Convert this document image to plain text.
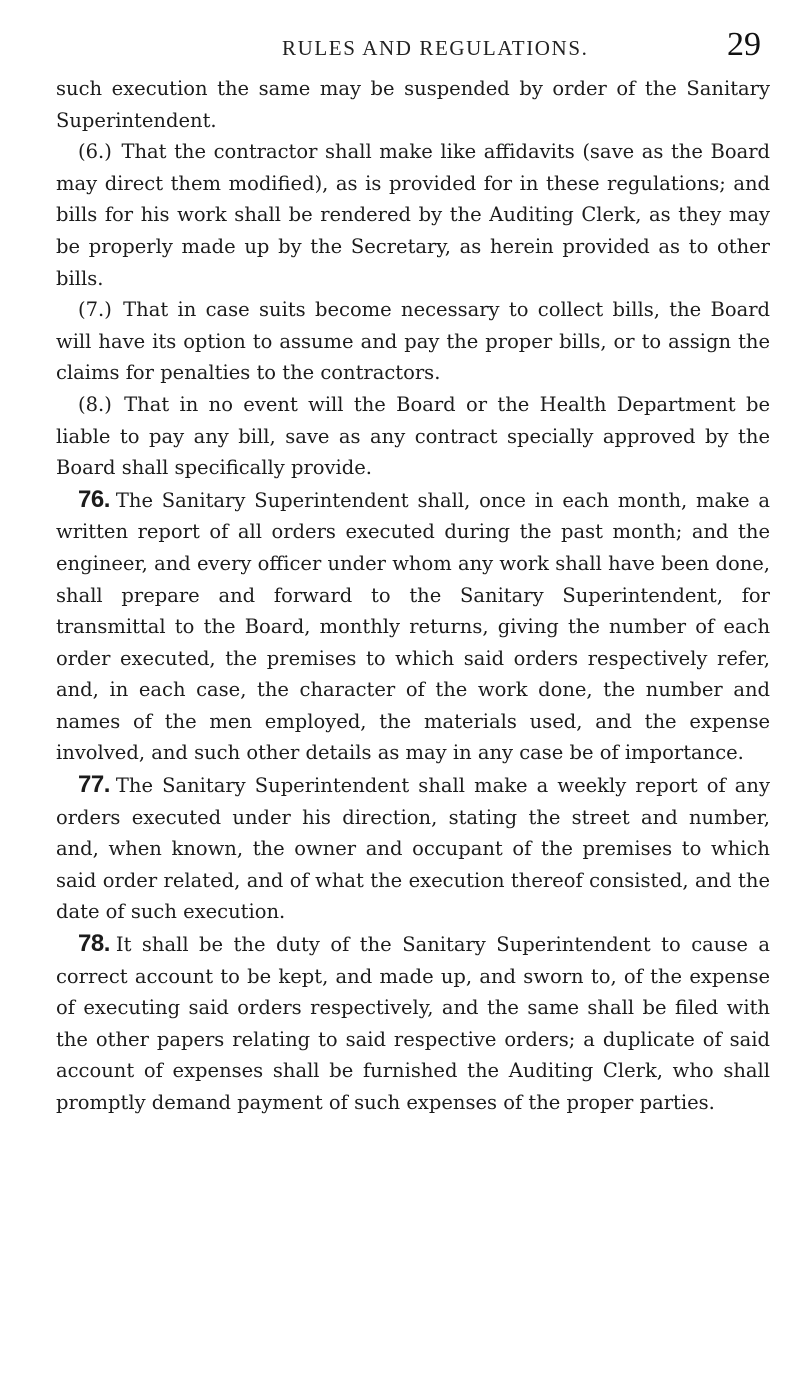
RULES AND REGULATIONS.	29

such execution the same may be suspended by order of the Sanitary Superintendent.

(6.) That the contractor shall make like affidavits (save as the Board may direct them modified), as is provided for in these regulations; and bills for his work shall be rendered by the Auditing Clerk, as they may be properly made up by the Secretary, as herein provided as to other bills.

(7.) That in case suits become necessary to collect bills, the Board will have its option to assume and pay the proper bills, or to assign the claims for penalties to the contractors.

(8.) That in no event will the Board or the Health Department be liable to pay any bill, save as any contract specially approved by the Board shall specifically provide.

76. The Sanitary Superintendent shall, once in each month, make a written report of all orders executed during the past month; and the engineer, and every officer under whom any work shall have been done, shall prepare and forward to the Sanitary Superintendent, for transmittal to the Board, monthly returns, giving the number of each order executed, the premises to which said orders respectively refer, and, in each case, the character of the work done, the number and names of the men employed, the materials used, and the expense involved, and such other details as may in any case be of importance.

77. The Sanitary Superintendent shall make a weekly report of any orders executed under his direction, stating the street and number, and, when known, the owner and occupant of the premises to which said order related, and of what the execution thereof consisted, and the date of such execution.

78. It shall be the duty of the Sanitary Superintendent to cause a correct account to be kept, and made up, and sworn to, of the expense of executing said orders respectively, and the same shall be filed with the other papers relating to said respective orders; a duplicate of said account of expenses shall be furnished the Auditing Clerk, who shall promptly demand payment of such expenses of the proper parties.
